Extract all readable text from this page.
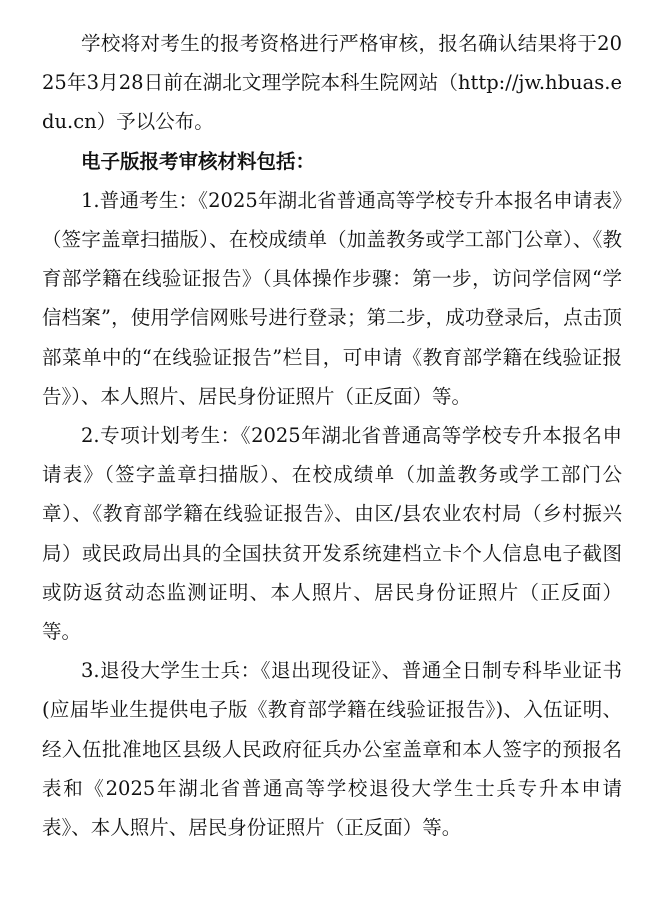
学校将对考生的报考资格进行严格审核，报名确认结果将于2025年3月28日前在湖北文理学院本科生院网站（http://jw.hbuas.edu.cn）予以公布。

电子版报考审核材料包括：

1.普通考生：《2025年湖北省普通高等学校专升本报名申请表》（签字盖章扫描版）、在校成绩单（加盖教务或学工部门公章）、《教育部学籍在线验证报告》（具体操作步骤：第一步，访问学信网“学信档案”，使用学信网账号进行登录；第二步，成功登录后，点击顶部菜单中的“在线验证报告”栏目，可申请《教育部学籍在线验证报告》）、本人照片、居民身份证照片（正反面）等。

2.专项计划考生：《2025年湖北省普通高等学校专升本报名申请表》（签字盖章扫描版）、在校成绩单（加盖教务或学工部门公章）、《教育部学籍在线验证报告》、由区/县农业农村局（乡村振兴局）或民政局出具的全国扶贫开发系统建档立卡个人信息电子截图或防返贫动态监测证明、本人照片、居民身份证照片（正反面）等。

3.退役大学生士兵：《退出现役证》、普通全日制专科毕业证书(应届毕业生提供电子版《教育部学籍在线验证报告》)、入伍证明、经入伍批准地区县级人民政府征兵办公室盖章和本人签字的预报名表和《2025年湖北省普通高等学校退役大学生士兵专升本申请表》、本人照片、居民身份证照片（正反面）等。
